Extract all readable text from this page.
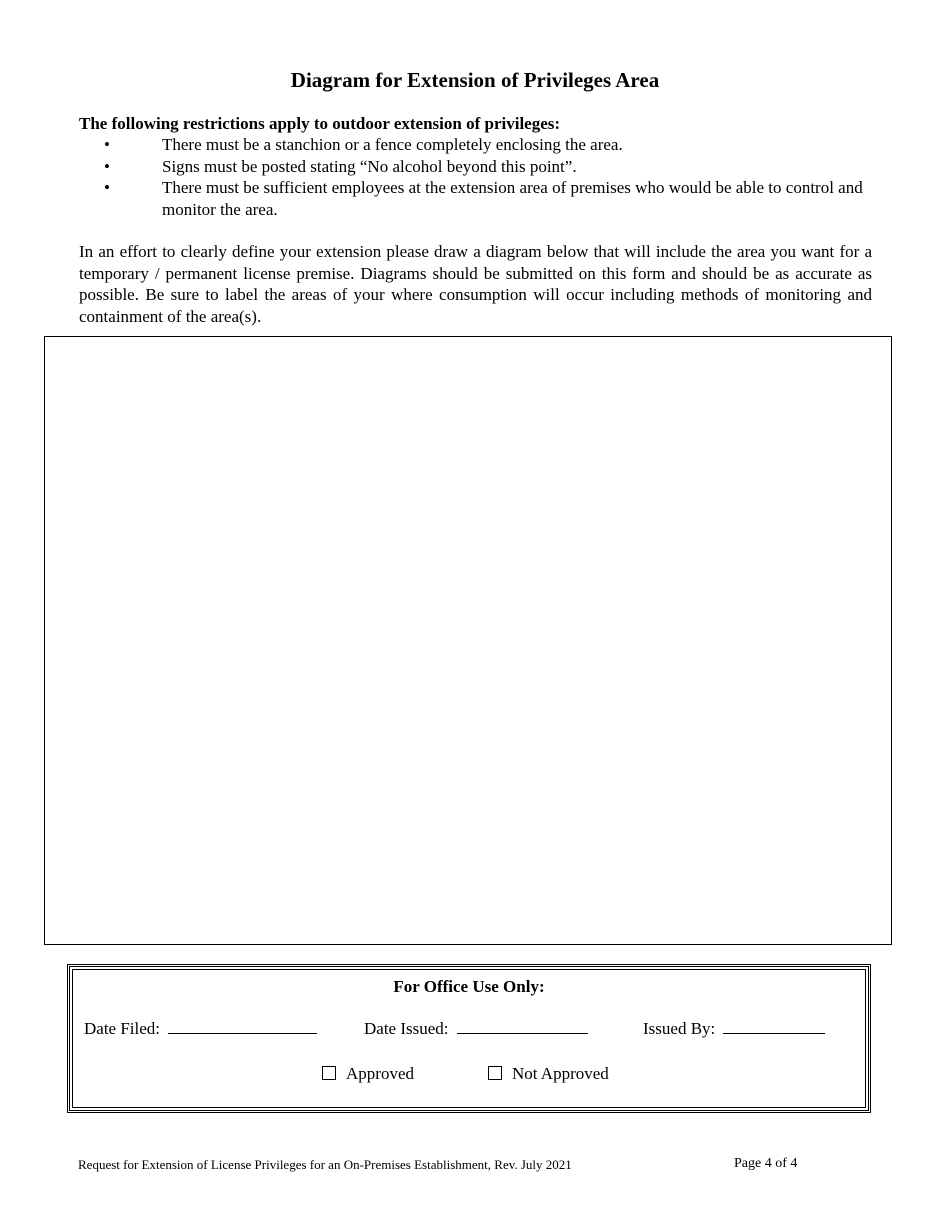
Diagram for Extension of Privileges Area
The following restrictions apply to outdoor extension of privileges:
•	There must be a stanchion or a fence completely enclosing the area.
•	Signs must be posted stating “No alcohol beyond this point”.
•	There must be sufficient employees at the extension area of premises who would be able to control and monitor the area.

In an effort to clearly define your extension please draw a diagram below that will include the area you want for a temporary / permanent license premise. Diagrams should be submitted on this form and should be as accurate as possible. Be sure to label the areas of your where consumption will occur including methods of monitoring and containment of the area(s).

For Office Use Only:
Date Filed:	Date Issued:	Issued By:
Approved	Not Approved
Request for Extension of License Privileges for an On-Premises Establishment, Rev. July 2021	Page 4 of 4
